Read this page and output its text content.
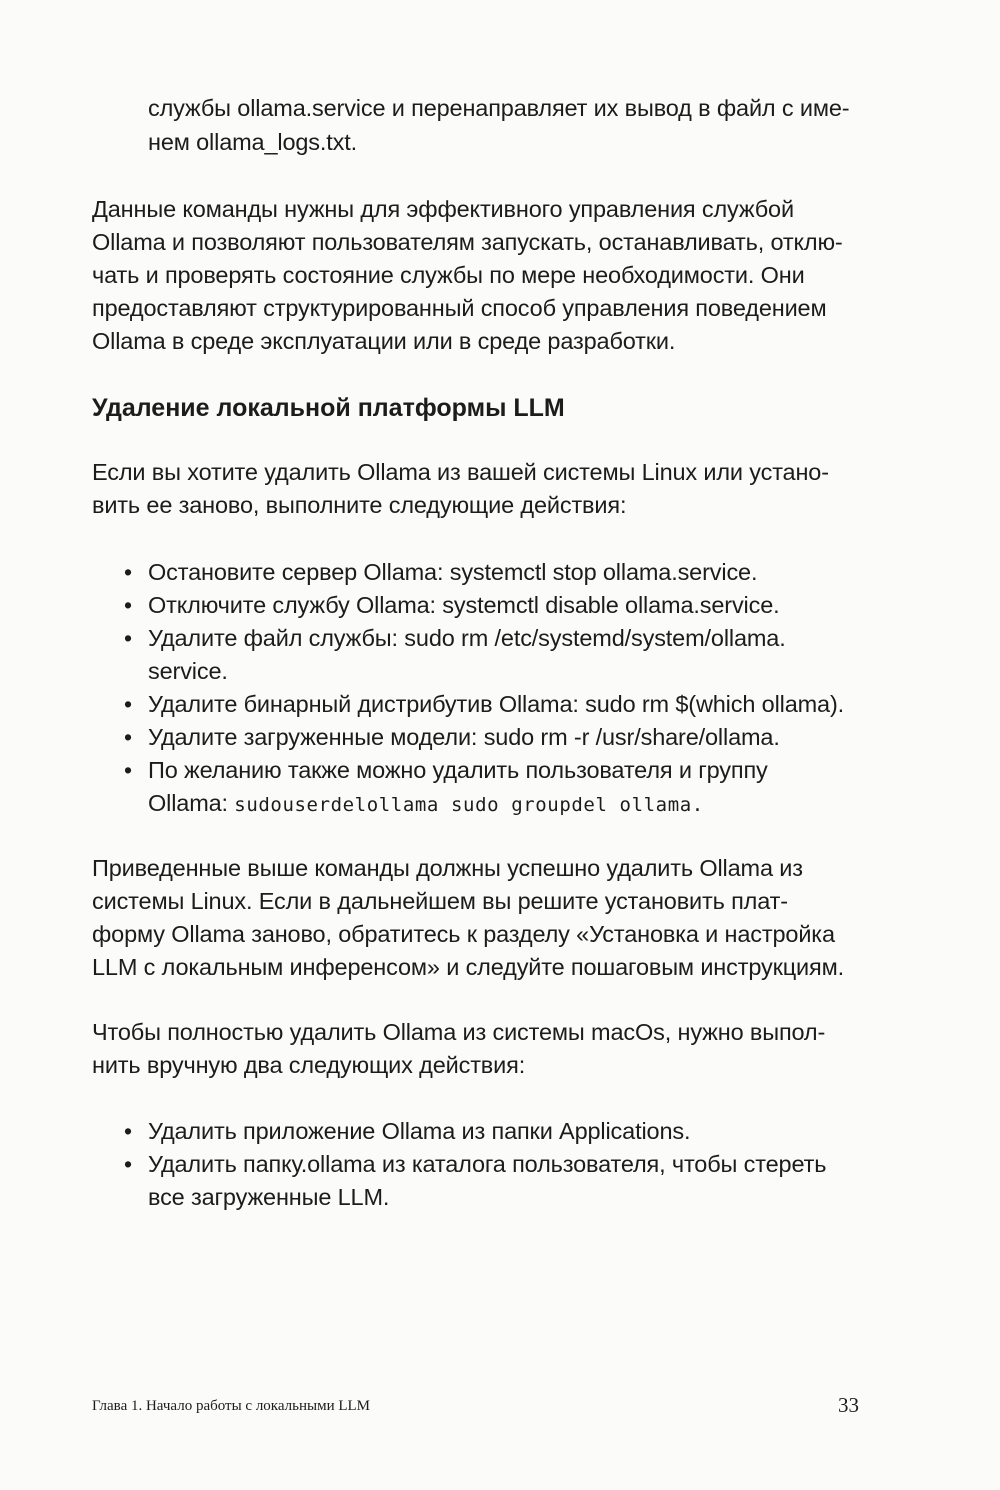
службы ollama.service и перенаправляет их вывод в файл с име-
нем ollama_logs.txt.
Данные команды нужны для эффективного управления службой
Ollama и позволяют пользователям запускать, останавливать, отклю-
чать и проверять состояние службы по мере необходимости. Они
предоставляют структурированный способ управления поведением
Ollama в среде эксплуатации или в среде разработки.
Удаление локальной платформы LLM
Если вы хотите удалить Ollama из вашей системы Linux или устано-
вить ее заново, выполните следующие действия:
• Остановите сервер Ollama: systemctl stop ollama.service.
• Отключите службу Ollama: systemctl disable ollama.service.
• Удалите файл службы: sudo rm /etc/systemd/system/ollama.
service.
• Удалите бинарный дистрибутив Ollama: sudo rm $(which ollama).
• Удалите загруженные модели: sudo rm -r /usr/share/ollama.
• По желанию также можно удалить пользователя и группу
Ollama: sudouserdelollama sudo groupdel ollama.
Приведенные выше команды должны успешно удалить Ollama из
системы Linux. Если в дальнейшем вы решите установить плат-
форму Ollama заново, обратитесь к разделу «Установка и настройка
LLM с локальным инференсом» и следуйте пошаговым инструкциям.
Чтобы полностью удалить Ollama из системы macOs, нужно выпол-
нить вручную два следующих действия:
• Удалить приложение Ollama из папки Applications.
• Удалить папку.ollama из каталога пользователя, чтобы стереть
все загруженные LLM.
Глава 1. Начало работы с локальными LLM	33
